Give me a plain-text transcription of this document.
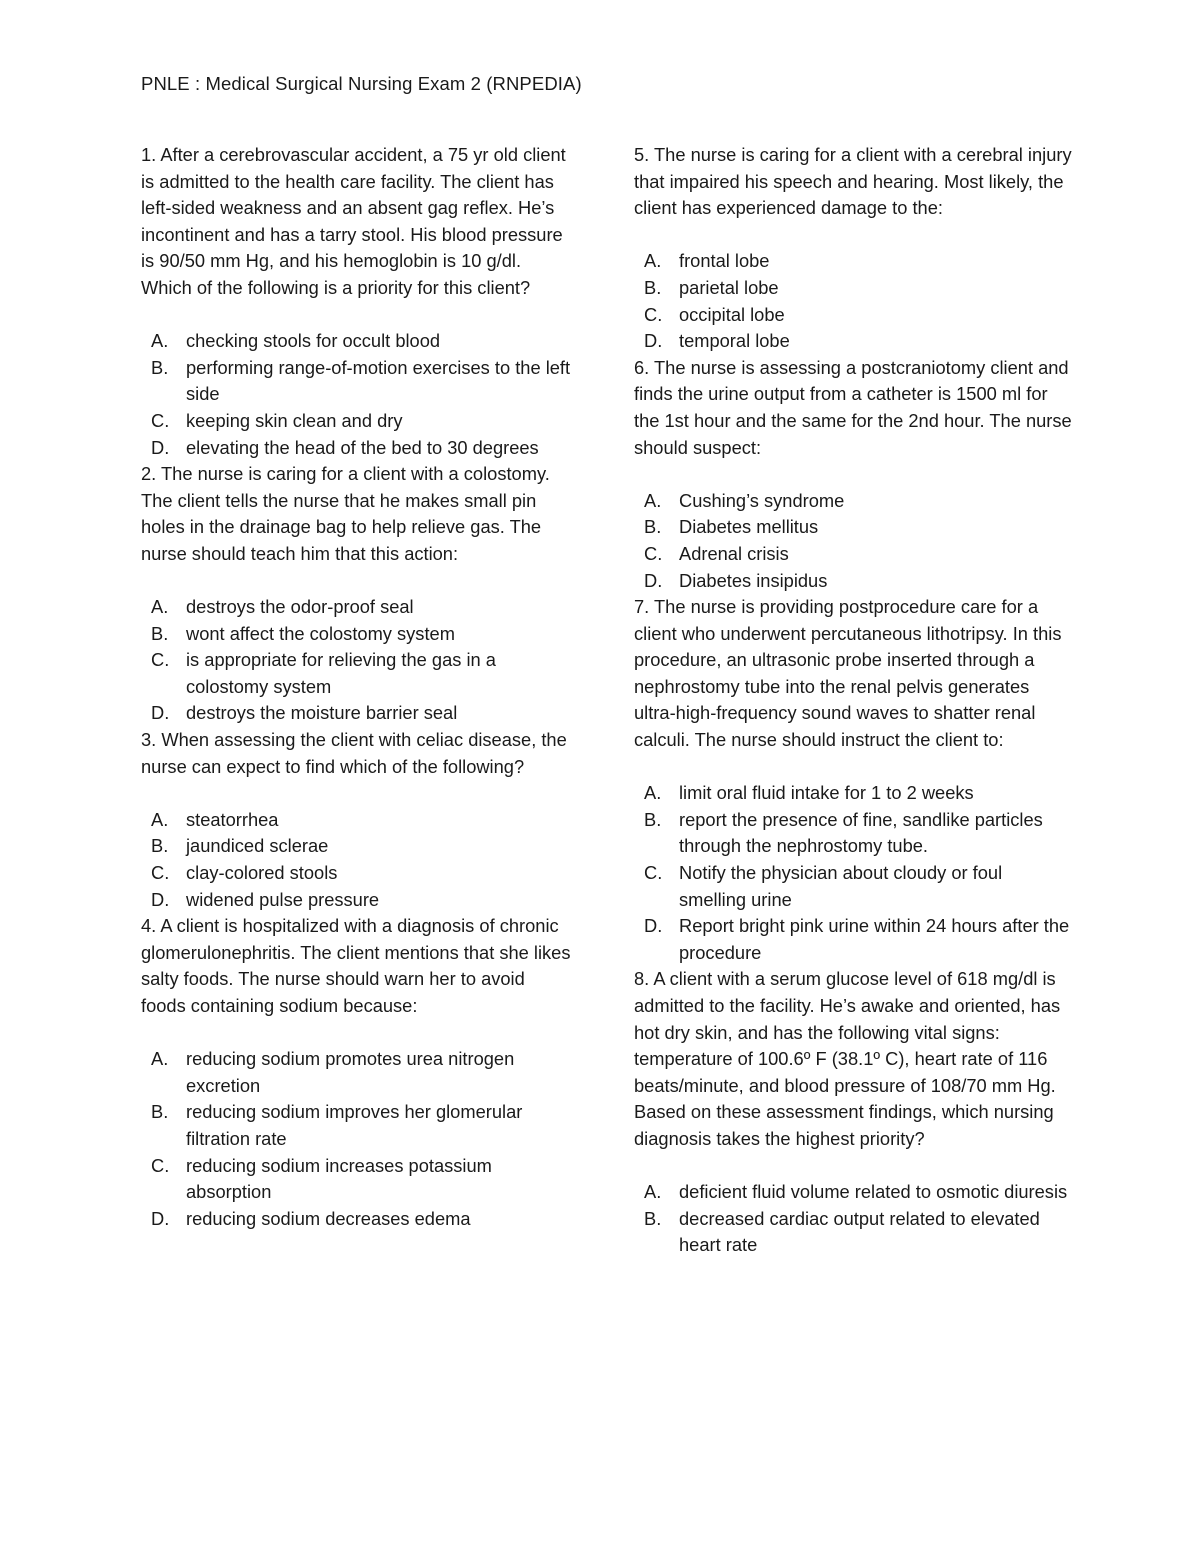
PNLE : Medical Surgical Nursing Exam 2 (RNPEDIA)

1. After a cerebrovascular accident, a 75 yr old client is admitted to the health care facility. The client has left-sided weakness and an absent gag reflex. He’s incontinent and has a tarry stool. His blood pressure is 90/50 mm Hg, and his hemoglobin is 10 g/dl. Which of the following is a priority for this client?

A. checking stools for occult blood
B. performing range-of-motion exercises to the left side
C. keeping skin clean and dry
D. elevating the head of the bed to 30 degrees

2. The nurse is caring for a client with a colostomy. The client tells the nurse that he makes small pin holes in the drainage bag to help relieve gas. The nurse should teach him that this action:

A. destroys the odor-proof seal
B. wont affect the colostomy system
C. is appropriate for relieving the gas in a colostomy system
D. destroys the moisture barrier seal

3. When assessing the client with celiac disease, the nurse can expect to find which of the following?

A. steatorrhea
B. jaundiced sclerae
C. clay-colored stools
D. widened pulse pressure

4. A client is hospitalized with a diagnosis of chronic glomerulonephritis. The client mentions that she likes salty foods. The nurse should warn her to avoid foods containing sodium because:

A. reducing sodium promotes urea nitrogen excretion
B. reducing sodium improves her glomerular filtration rate
C. reducing sodium increases potassium absorption
D. reducing sodium decreases edema

5. The nurse is caring for a client with a cerebral injury that impaired his speech and hearing. Most likely, the client has experienced damage to the:

A. frontal lobe
B. parietal lobe
C. occipital lobe
D. temporal lobe

6. The nurse is assessing a postcraniotomy client and finds the urine output from a catheter is 1500 ml for the 1st hour and the same for the 2nd hour. The nurse should suspect:

A. Cushing’s syndrome
B. Diabetes mellitus
C. Adrenal crisis
D. Diabetes insipidus

7. The nurse is providing postprocedure care for a client who underwent percutaneous lithotripsy. In this procedure, an ultrasonic probe inserted through a nephrostomy tube into the renal pelvis generates ultra-high-frequency sound waves to shatter renal calculi. The nurse should instruct the client to:

A. limit oral fluid intake for 1 to 2 weeks
B. report the presence of fine, sandlike particles through the nephrostomy tube.
C. Notify the physician about cloudy or foul smelling urine
D. Report bright pink urine within 24 hours after the procedure

8. A client with a serum glucose level of 618 mg/dl is admitted to the facility. He’s awake and oriented, has hot dry skin, and has the following vital signs: temperature of 100.6º F (38.1º C), heart rate of 116 beats/minute, and blood pressure of 108/70 mm Hg. Based on these assessment findings, which nursing diagnosis takes the highest priority?

A. deficient fluid volume related to osmotic diuresis
B. decreased cardiac output related to elevated heart rate
